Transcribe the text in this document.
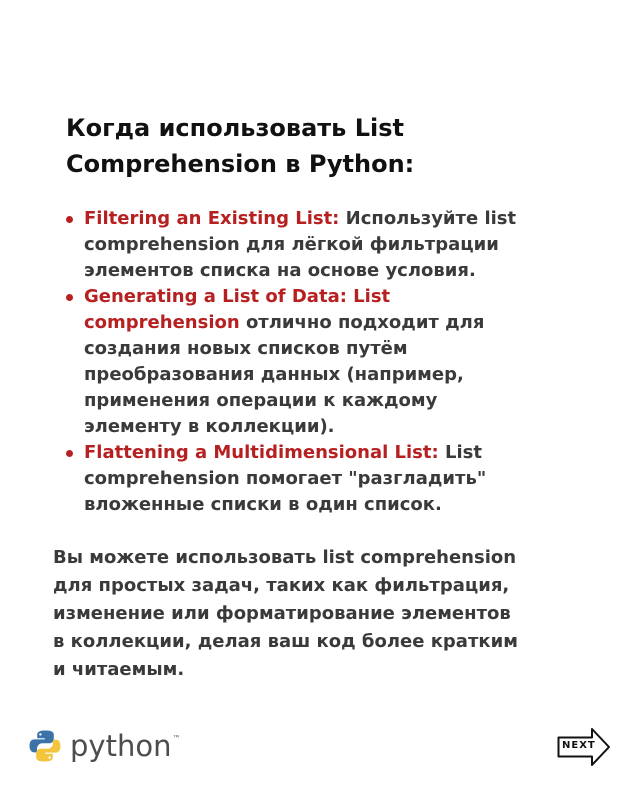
Когда использовать List
Comprehension в Python:
Filtering an Existing List: Используйте list
comprehension для лёгкой фильтрации
элементов списка на основе условия.
Generating a List of Data: List
comprehension отлично подходит для
создания новых списков путём
преобразования данных (например,
применения операции к каждому
элементу в коллекции).
Flattening a Multidimensional List: List
comprehension помогает "разгладить"
вложенные списки в один список.

Вы можете использовать list comprehension
для простых задач, таких как фильтрация,
изменение или форматирование элементов
в коллекции, делая ваш код более кратким
и читаемым.

python ™
NEXT
